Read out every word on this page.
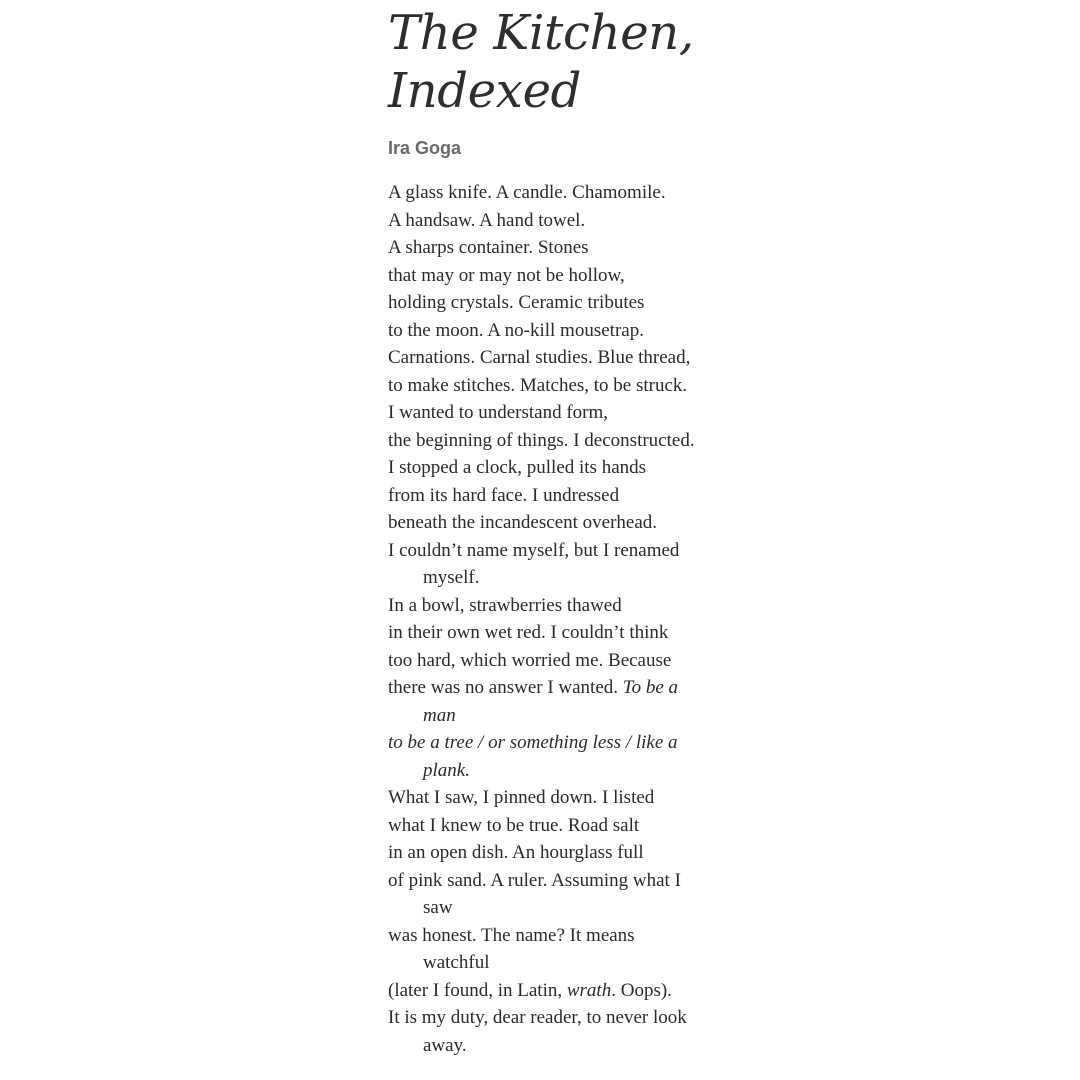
The Kitchen,
Indexed
Ira Goga
A glass knife. A candle. Chamomile.
A handsaw. A hand towel.
A sharps container. Stones
that may or may not be hollow,
holding crystals. Ceramic tributes
to the moon. A no-kill mousetrap.
Carnations. Carnal studies. Blue thread,
to make stitches. Matches, to be struck.
I wanted to understand form,
the beginning of things. I deconstructed.
I stopped a clock, pulled its hands
from its hard face. I undressed
beneath the incandescent overhead.
I couldn’t name myself, but I renamed
myself.
In a bowl, strawberries thawed
in their own wet red. I couldn’t think
too hard, which worried me. Because
there was no answer I wanted. To be a
man
to be a tree / or something less / like a
plank.
What I saw, I pinned down. I listed
what I knew to be true. Road salt
in an open dish. An hourglass full
of pink sand. A ruler. Assuming what I
saw
was honest. The name? It means
watchful
(later I found, in Latin, wrath. Oops).
It is my duty, dear reader, to never look
away.
